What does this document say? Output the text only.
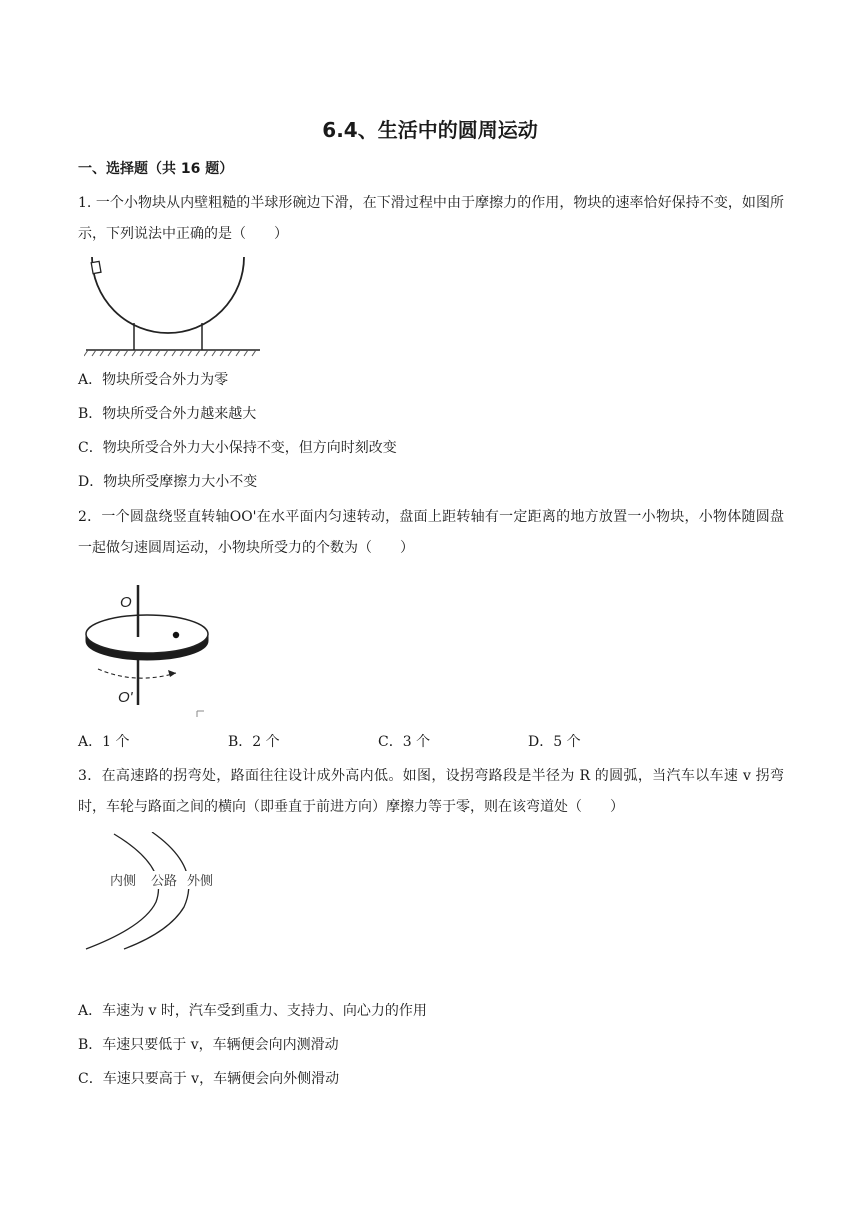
6.4、生活中的圆周运动
一、选择题（共 16 题）
1. 一个小物块从内壁粗糙的半球形碗边下滑，在下滑过程中由于摩擦力的作用，物块的速率恰好保持不变，如图所示，下列说法中正确的是（　　）
A．物块所受合外力为零
B．物块所受合外力越来越大
C．物块所受合外力大小保持不变，但方向时刻改变
D．物块所受摩擦力大小不变
2．一个圆盘绕竖直转轴OO'在水平面内匀速转动，盘面上距转轴有一定距离的地方放置一小物块，小物体随圆盘一起做匀速圆周运动，小物块所受力的个数为（　　）
O
O'
A．1 个	B．2 个	C．3 个	D．5 个
3．在高速路的拐弯处，路面往往设计成外高内低。如图，设拐弯路段是半径为 R 的圆弧，当汽车以车速 v 拐弯时，车轮与路面之间的横向（即垂直于前进方向）摩擦力等于零，则在该弯道处（　　）
内侧 公路 外侧
A．车速为 v 时，汽车受到重力、支持力、向心力的作用
B．车速只要低于 v，车辆便会向内测滑动
C．车速只要高于 v，车辆便会向外侧滑动
